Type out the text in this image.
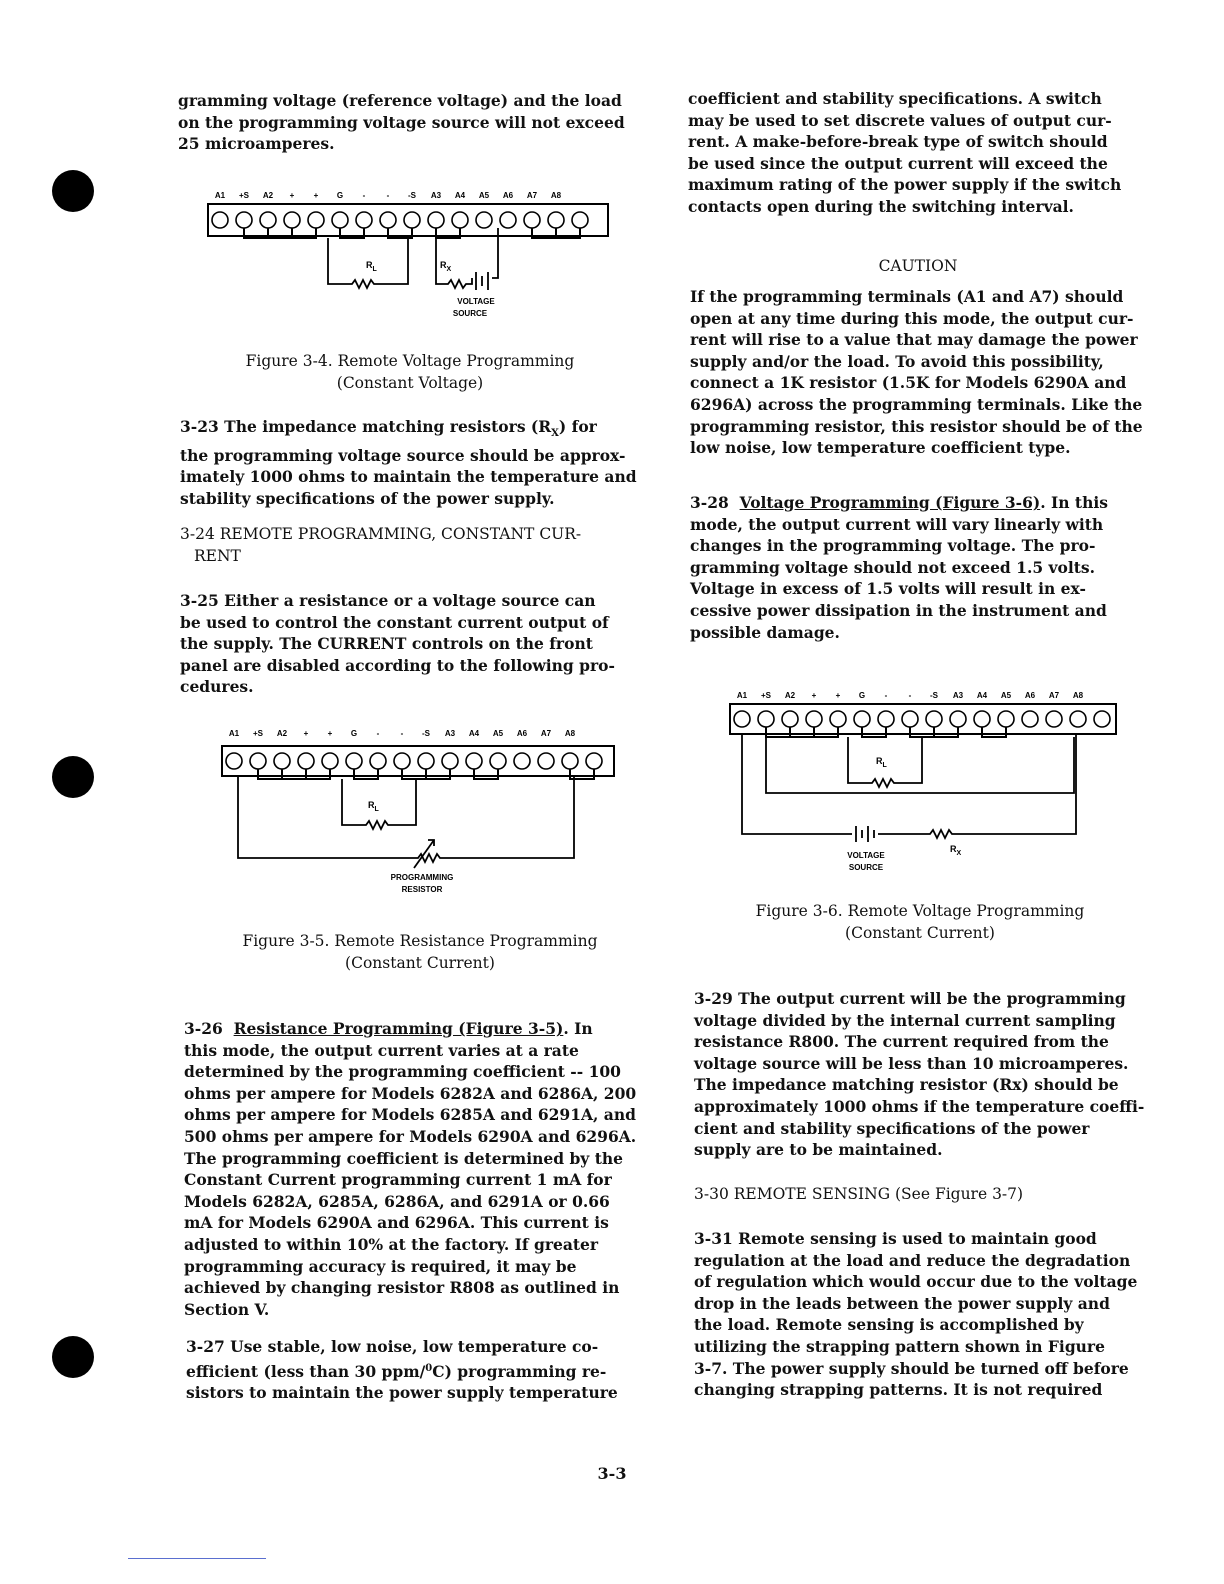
gramming voltage (reference voltage) and the load

on the programming voltage source will not exceed

25 microamperes.

A1 +S A2 + + G -	- -S A3 A4 A5 A6 A7 A8
$R_L$	$R_X$
VOLTAGE
SOURCE
Figure 3-4. Remote Voltage Programming
(Constant Voltage)

3-23 The impedance matching resistors $(R_X)$ for

the programming voltage source should be approx-

imately 1000 ohms to maintain the temperature and

stability specifications of the power supply.

3-24 REMOTE PROGRAMMING, CONSTANT CUR-

RENT

3-25 Either a resistance or a voltage source can

be used to control the constant current output of

the supply. The CURRENT controls on the front

panel are disabled according to the following pro-

cedures.

A1 +S A2 + + G -	- -S A3 A4 A5 A6 A7 A8
$R_L$
PROGRAMMING
RESISTOR
Figure 3-5. Remote Resistance Programming
(Constant Current)

3-26 Resistance Programming (Figure 3-5). In

this mode, the output current varies at a rate

determined by the programming coefficient -- 100

ohms per ampere for Models 6282A and 6286A, 200

ohms per ampere for Models 6285A and 6291A, and

500 ohms per ampere for Models 6290A and 6296A.

The programming coefficient is determined by the

Constant Current programming current 1 mA for

Models 6282A, 6285A, 6286A, and 6291A or 0.66

mA for Models 6290A and 6296A. This current is

adjusted to within 10% at the factory. If greater

programming accuracy is required, it may be

achieved by changing resistor R808 as outlined in

Section V.

3-27 Use stable, low noise, low temperature co-

efficient (less than 30 ppm/$^0$C) programming re-

sistors to maintain the power supply temperature

coefficient and stability specifications. A switch

may be used to set discrete values of output cur-

rent. A make-before-break type of switch should

be used since the output current will exceed the

maximum rating of the power supply if the switch

contacts open during the switching interval.

CAUTION

If the programming terminals (A1 and A7) should

open at any time during this mode, the output cur-

rent will rise to a value that may damage the power

supply and/or the load. To avoid this possibility,

connect a 1K resistor (1.5K for Models 6290A and

6296A) across the programming terminals. Like the

programming resistor, this resistor should be of the

low noise, low temperature coefficient type.

3-28 Voltage Programming (Figure 3-6). In this

mode, the output current will vary linearly with

changes in the programming voltage. The pro-

gramming voltage should not exceed 1.5 volts.

Voltage in excess of 1.5 volts will result in ex-

cessive power dissipation in the instrument and

possible damage.

A1 +S A2 + + G -	- -S A3 A4 A5 A6 A7 A8
$R_L$
$R_X$
VOLTAGE
SOURCE
Figure 3-6. Remote Voltage Programming
(Constant Current)

3-29 The output current will be the programming

voltage divided by the internal current sampling

resistance R800. The current required from the

voltage source will be less than 10 microamperes.

The impedance matching resistor (Rx) should be

approximately 1000 ohms if the temperature coeffi-

cient and stability specifications of the power

supply are to be maintained.

3-30 REMOTE SENSING (See Figure 3-7)

3-31 Remote sensing is used to maintain good

regulation at the load and reduce the degradation

of regulation which would occur due to the voltage

drop in the leads between the power supply and

the load. Remote sensing is accomplished by

utilizing the strapping pattern shown in Figure

3-7. The power supply should be turned off before

changing strapping patterns. It is not required

3-3
